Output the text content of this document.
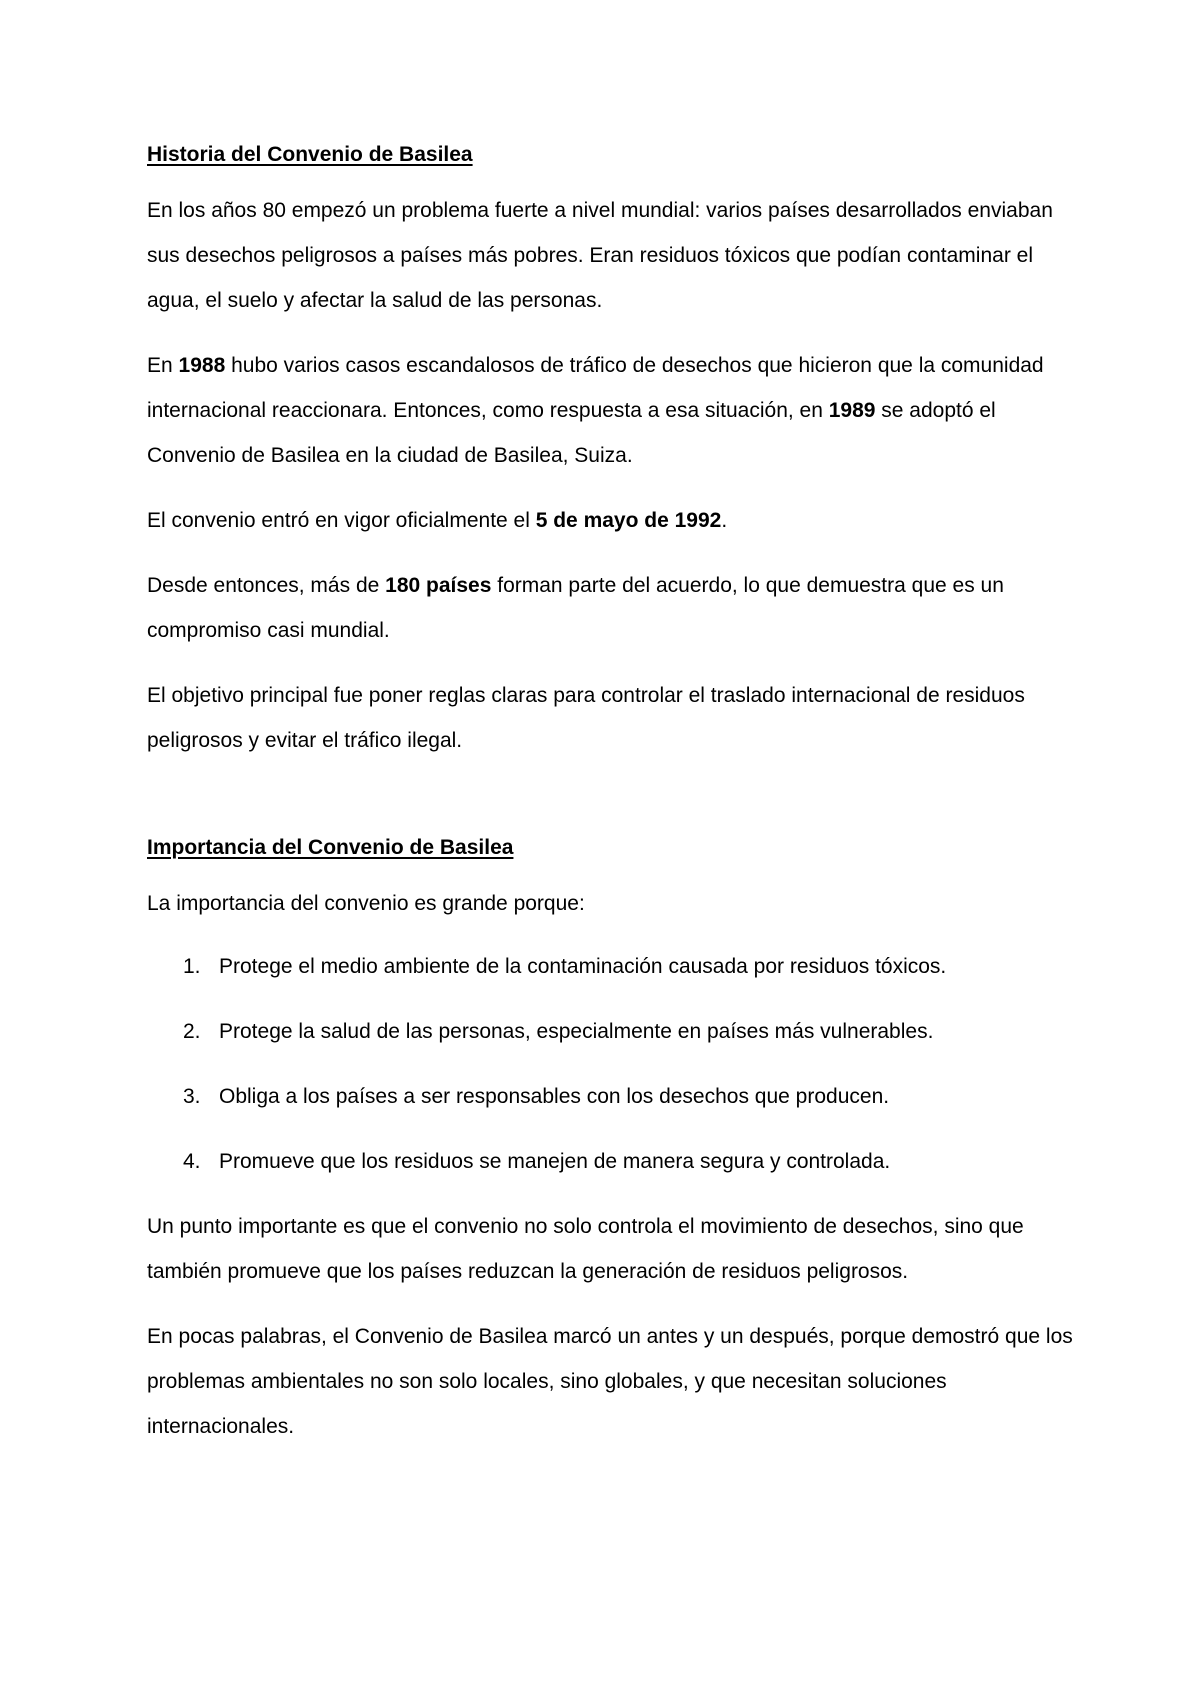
Historia del Convenio de Basilea

En los años 80 empezó un problema fuerte a nivel mundial: varios países desarrollados enviaban sus desechos peligrosos a países más pobres. Eran residuos tóxicos que podían contaminar el agua, el suelo y afectar la salud de las personas.

En 1988 hubo varios casos escandalosos de tráfico de desechos que hicieron que la comunidad internacional reaccionara. Entonces, como respuesta a esa situación, en 1989 se adoptó el Convenio de Basilea en la ciudad de Basilea, Suiza.

El convenio entró en vigor oficialmente el 5 de mayo de 1992.

Desde entonces, más de 180 países forman parte del acuerdo, lo que demuestra que es un compromiso casi mundial.

El objetivo principal fue poner reglas claras para controlar el traslado internacional de residuos peligrosos y evitar el tráfico ilegal.

Importancia del Convenio de Basilea

La importancia del convenio es grande porque:

1. Protege el medio ambiente de la contaminación causada por residuos tóxicos.
2. Protege la salud de las personas, especialmente en países más vulnerables.
3. Obliga a los países a ser responsables con los desechos que producen.
4. Promueve que los residuos se manejen de manera segura y controlada.

Un punto importante es que el convenio no solo controla el movimiento de desechos, sino que también promueve que los países reduzcan la generación de residuos peligrosos.

En pocas palabras, el Convenio de Basilea marcó un antes y un después, porque demostró que los problemas ambientales no son solo locales, sino globales, y que necesitan soluciones internacionales.
